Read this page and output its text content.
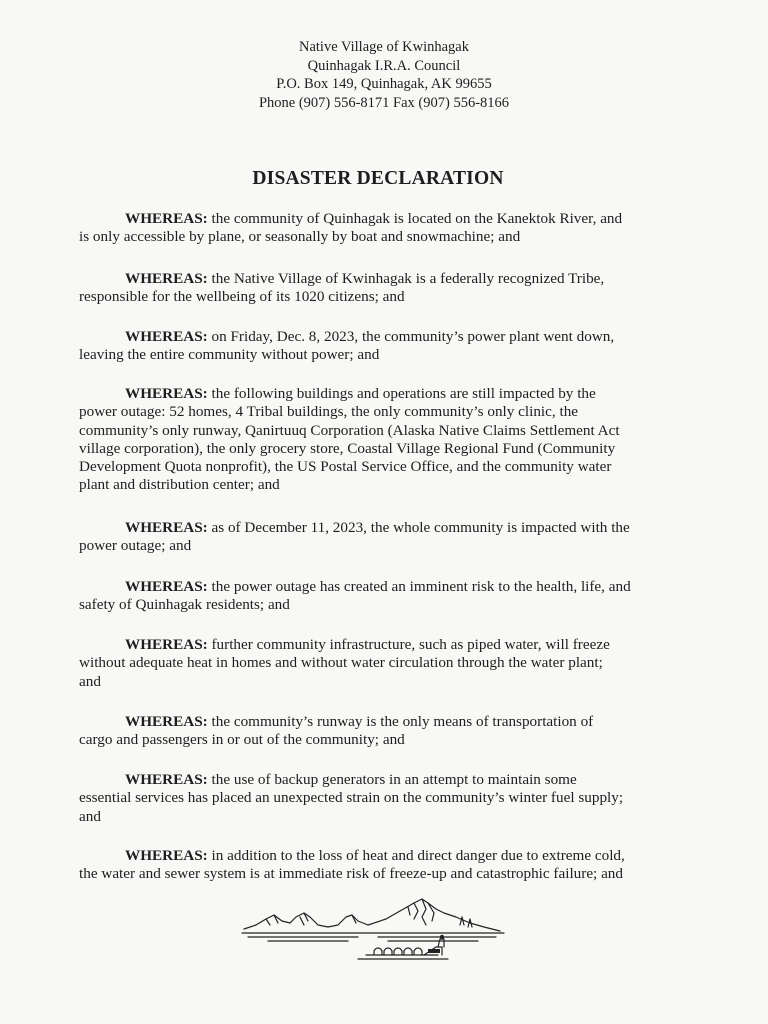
Native Village of Kwinhagak
Quinhagak I.R.A. Council
P.O. Box 149, Quinhagak, AK 99655
Phone (907) 556-8171 Fax (907) 556-8166
DISASTER DECLARATION
WHEREAS: the community of Quinhagak is located on the Kanektok River, and
is only accessible by plane, or seasonally by boat and snowmachine; and
WHEREAS: the Native Village of Kwinhagak is a federally recognized Tribe,
responsible for the wellbeing of its 1020 citizens; and
WHEREAS: on Friday, Dec. 8, 2023, the community’s power plant went down,
leaving the entire community without power; and
WHEREAS: the following buildings and operations are still impacted by the
power outage: 52 homes, 4 Tribal buildings, the only community’s only clinic, the
community’s only runway, Qanirtuuq Corporation (Alaska Native Claims Settlement Act
village corporation), the only grocery store, Coastal Village Regional Fund (Community
Development Quota nonprofit), the US Postal Service Office, and the community water
plant and distribution center; and
WHEREAS: as of December 11, 2023, the whole community is impacted with the
power outage; and
WHEREAS: the power outage has created an imminent risk to the health, life, and
safety of Quinhagak residents; and
WHEREAS: further community infrastructure, such as piped water, will freeze
without adequate heat in homes and without water circulation through the water plant;
and
WHEREAS: the community’s runway is the only means of transportation of
cargo and passengers in or out of the community; and
WHEREAS: the use of backup generators in an attempt to maintain some
essential services has placed an unexpected strain on the community’s winter fuel supply;
and
WHEREAS: in addition to the loss of heat and direct danger due to extreme cold,
the water and sewer system is at immediate risk of freeze-up and catastrophic failure; and
